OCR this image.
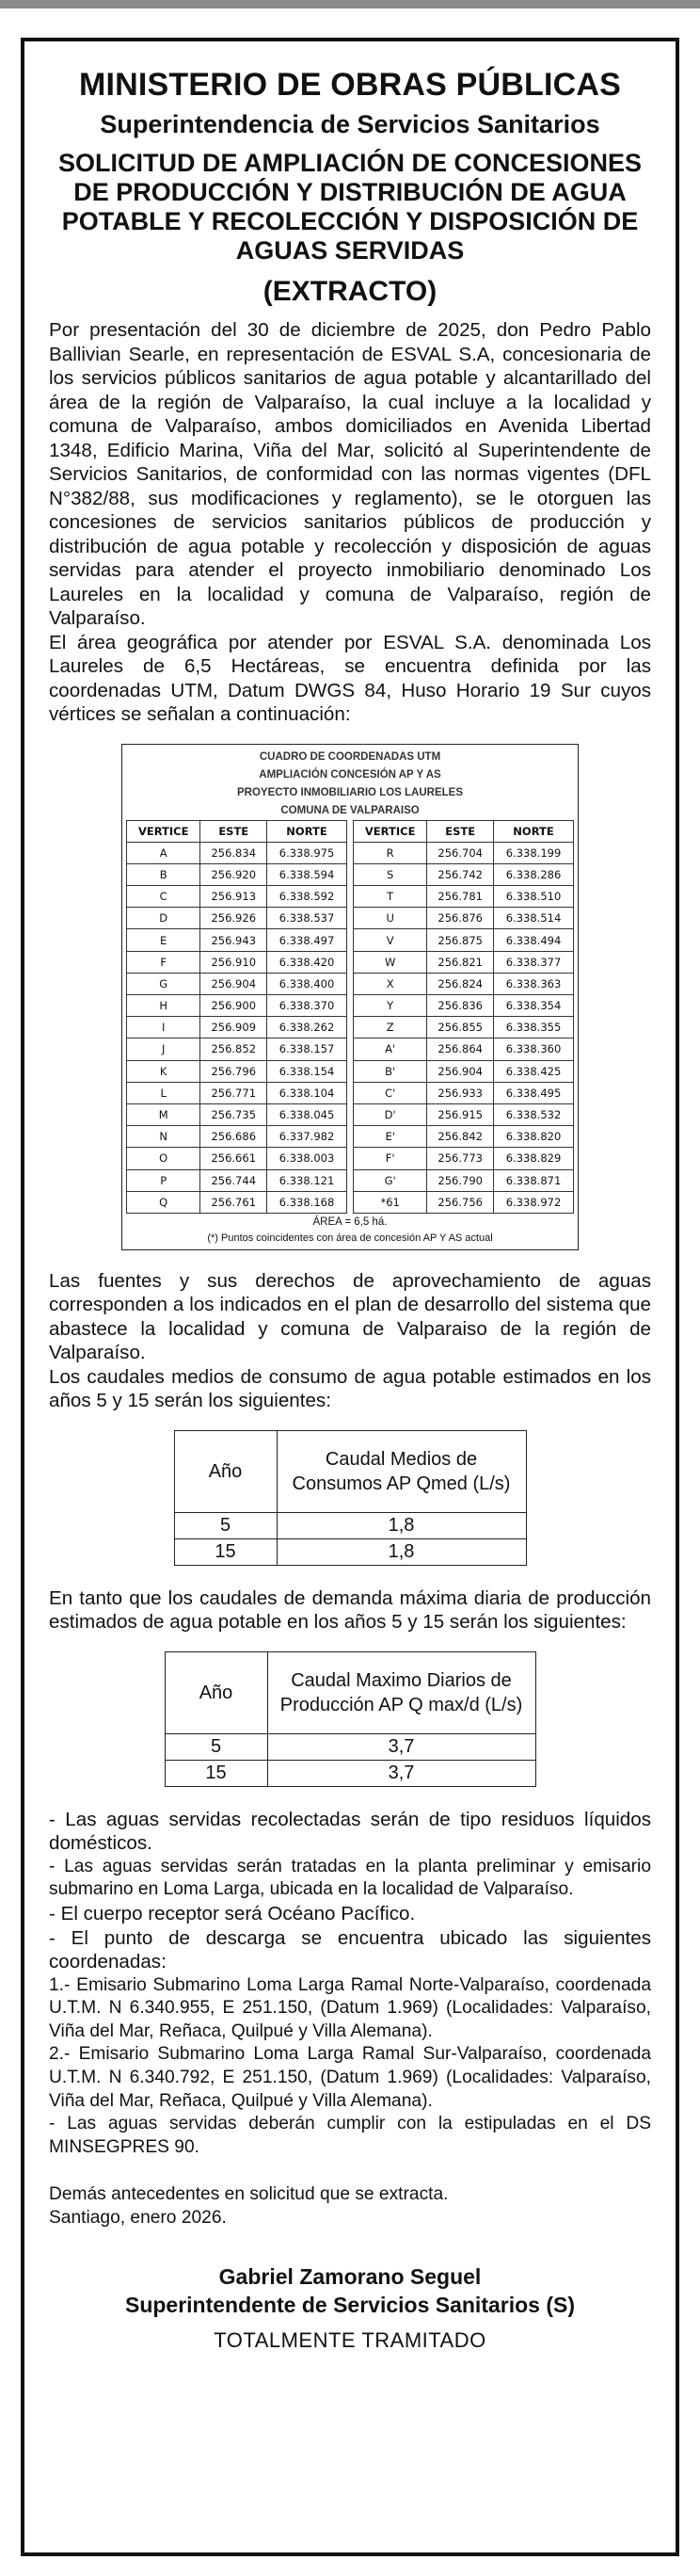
MINISTERIO DE OBRAS PÚBLICAS
Superintendencia de Servicios Sanitarios
SOLICITUD DE AMPLIACIÓN DE CONCESIONES DE PRODUCCIÓN Y DISTRIBUCIÓN DE AGUA POTABLE Y RECOLECCIÓN Y DISPOSICIÓN DE AGUAS SERVIDAS
(EXTRACTO)

Por presentación del 30 de diciembre de 2025, don Pedro Pablo Ballivian Searle, en representación de ESVAL S.A, concesionaria de los servicios públicos sanitarios de agua potable y alcantarillado del área de la región de Valparaíso, la cual incluye a la localidad y comuna de Valparaíso, ambos domiciliados en Avenida Libertad 1348, Edificio Marina, Viña del Mar, solicitó al Superintendente de Servicios Sanitarios, de conformidad con las normas vigentes (DFL N°382/88, sus modificaciones y reglamento), se le otorguen las concesiones de servicios sanitarios públicos de producción y distribución de agua potable y recolección y disposición de aguas servidas para atender el proyecto inmobiliario denominado Los Laureles en la localidad y comuna de Valparaíso, región de Valparaíso.

El área geográfica por atender por ESVAL S.A. denominada Los Laureles de 6,5 Hectáreas, se encuentra definida por las coordenadas UTM, Datum DWGS 84, Huso Horario 19 Sur cuyos vértices se señalan a continuación:

CUADRO DE COORDENADAS UTM
AMPLIACIÓN CONCESIÓN AP Y AS
PROYECTO INMOBILIARIO LOS LAURELES
COMUNA DE VALPARAISO
VERTICE	ESTE	NORTE		VERTICE	ESTE	NORTE
A	256.834	6.338.975		R	256.704	6.338.199
B	256.920	6.338.594		S	256.742	6.338.286
C	256.913	6.338.592		T	256.781	6.338.510
D	256.926	6.338.537		U	256.876	6.338.514
E	256.943	6.338.497		V	256.875	6.338.494
F	256.910	6.338.420		W	256.821	6.338.377
G	256.904	6.338.400		X	256.824	6.338.363
H	256.900	6.338.370		Y	256.836	6.338.354
I	256.909	6.338.262		Z	256.855	6.338.355
J	256.852	6.338.157		A'	256.864	6.338.360
K	256.796	6.338.154		B'	256.904	6.338.425
L	256.771	6.338.104		C'	256.933	6.338.495
M	256.735	6.338.045		D'	256.915	6.338.532
N	256.686	6.337.982		E'	256.842	6.338.820
O	256.661	6.338.003		F'	256.773	6.338.829
P	256.744	6.338.121		G'	256.790	6.338.871
Q	256.761	6.338.168		*61	256.756	6.338.972
ÁREA = 6,5 há.
(*) Puntos coincidentes con área de concesión AP Y AS actual

Las fuentes y sus derechos de aprovechamiento de aguas corresponden a los indicados en el plan de desarrollo del sistema que abastece la localidad y comuna de Valparaiso de la región de Valparaíso.

Los caudales medios de consumo de agua potable estimados en los años 5 y 15 serán los siguientes:

Año	Caudal Medios de Consumos AP Qmed (L/s)
5	1,8
15	1,8

En tanto que los caudales de demanda máxima diaria de producción estimados de agua potable en los años 5 y 15 serán los siguientes:

Año	Caudal Maximo Diarios de Producción AP Q max/d (L/s)
5	3,7
15	3,7

- Las aguas servidas recolectadas serán de tipo residuos líquidos domésticos.

- Las aguas servidas serán tratadas en la planta preliminar y emisario submarino en Loma Larga, ubicada en la localidad de Valparaíso.

- El cuerpo receptor será Océano Pacífico.

- El punto de descarga se encuentra ubicado las siguientes coordenadas:

1.- Emisario Submarino Loma Larga Ramal Norte-Valparaíso, coordenada U.T.M. N 6.340.955, E 251.150, (Datum 1.969) (Localidades: Valparaíso, Viña del Mar, Reñaca, Quilpué y Villa Alemana).

2.- Emisario Submarino Loma Larga Ramal Sur-Valparaíso, coordenada U.T.M. N 6.340.792, E 251.150, (Datum 1.969) (Localidades: Valparaíso, Viña del Mar, Reñaca, Quilpué y Villa Alemana).

- Las aguas servidas deberán cumplir con la estipuladas en el DS MINSEGPRES 90.

Demás antecedentes en solicitud que se extracta.

Santiago, enero 2026.

Gabriel Zamorano Seguel
Superintendente de Servicios Sanitarios (S)
TOTALMENTE TRAMITADO
